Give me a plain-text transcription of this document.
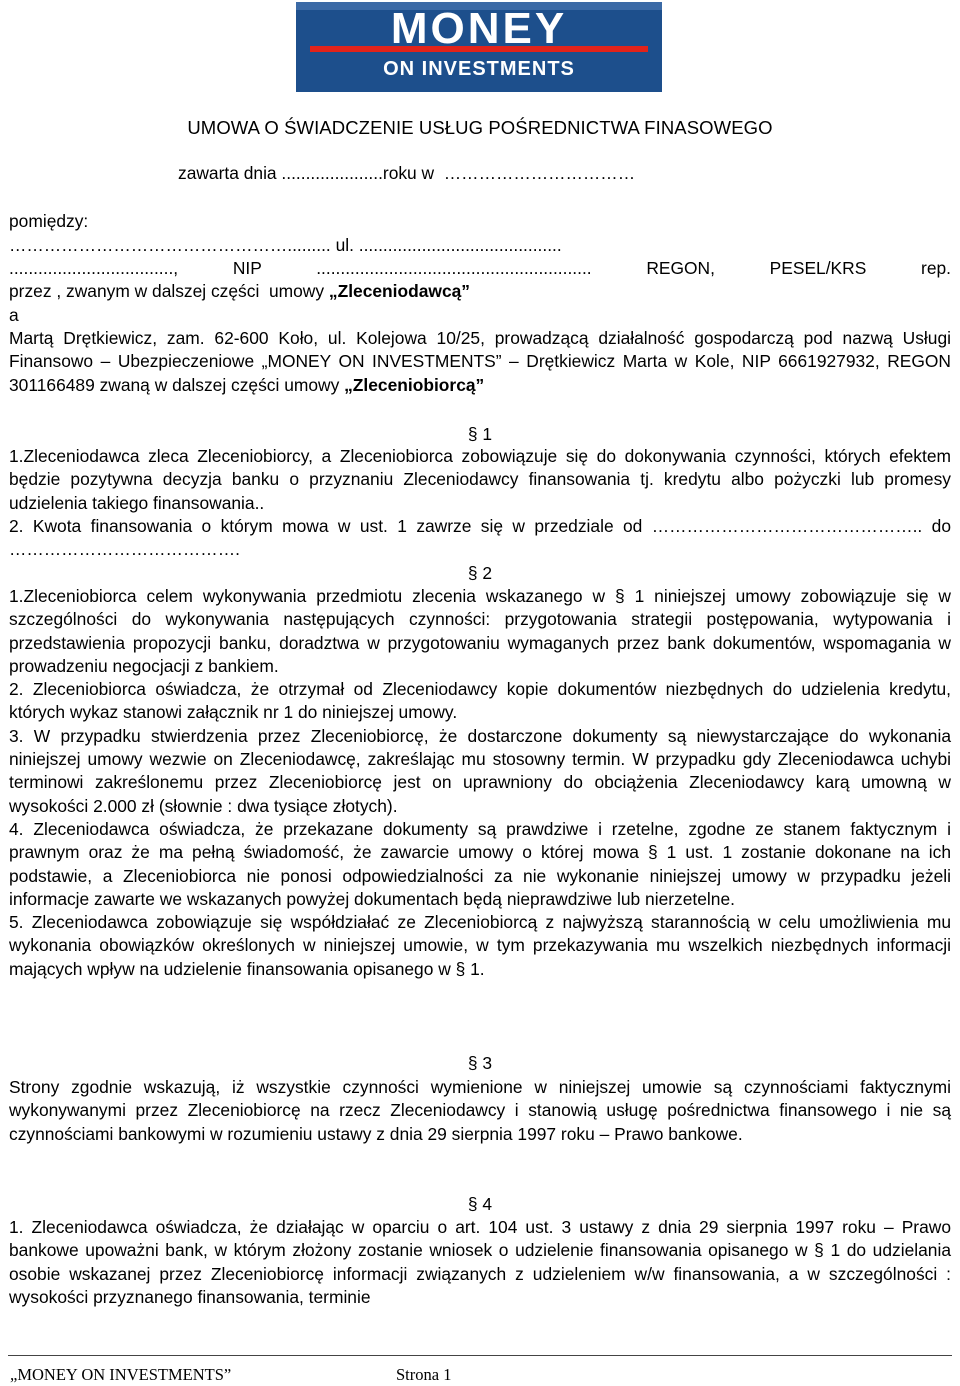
MONEY
ON INVESTMENTS
UMOWA O ŚWIADCZENIE USŁUG POŚREDNICTWA FINASOWEGO
zawarta dnia .....................roku w  ……………………………
pomiędzy:
…………………………………………......... ul. ..........................................

.................................., NIP ......................................................... REGON, PESEL/KRS rep.

przez , zwanym w dalszej części  umowy „Zleceniodawcą”
a

Martą Drętkiewicz, zam. 62-600 Koło, ul. Kolejowa 10/25, prowadzącą działalność gospodarczą pod nazwą Usługi Finansowo – Ubezpieczeniowe „MONEY ON INVESTMENTS” – Drętkiewicz Marta w Kole, NIP 6661927932, REGON 301166489 zwaną w dalszej części umowy „Zleceniobiorcą”

§ 1

1.Zleceniodawca zleca Zleceniobiorcy, a Zleceniobiorca zobowiązuje się do dokonywania czynności, których efektem będzie pozytywna decyzja banku o przyznaniu Zleceniodawcy finansowania tj. kredytu albo pożyczki lub promesy udzielenia takiego finansowania..

2. Kwota finansowania o którym mowa w ust. 1 zawrze się w przedziale od ……………………………………….. do ………………………………….

§ 2

1.Zleceniobiorca celem wykonywania przedmiotu zlecenia wskazanego w § 1 niniejszej umowy zobowiązuje się w szczególności do wykonywania następujących czynności: przygotowania strategii postępowania, wytypowania i przedstawienia propozycji banku, doradztwa w przygotowaniu wymaganych przez bank dokumentów, wspomagania w prowadzeniu negocjacji z bankiem.

2. Zleceniobiorca oświadcza, że otrzymał od Zleceniodawcy kopie dokumentów niezbędnych do udzielenia kredytu, których wykaz stanowi załącznik nr 1 do niniejszej umowy.

3. W przypadku stwierdzenia przez Zleceniobiorcę, że dostarczone dokumenty są niewystarczające do wykonania niniejszej umowy wezwie on Zleceniodawcę, zakreślając mu stosowny termin. W przypadku gdy Zleceniodawca uchybi terminowi zakreślonemu przez Zleceniobiorcę jest on uprawniony do obciążenia Zleceniodawcy karą umowną w wysokości 2.000 zł (słownie : dwa tysiące złotych).

4. Zleceniodawca oświadcza, że przekazane dokumenty są prawdziwe i rzetelne, zgodne ze stanem faktycznym i prawnym oraz że ma pełną świadomość, że zawarcie umowy o której mowa § 1 ust. 1 zostanie dokonane na ich podstawie, a Zleceniobiorca nie ponosi odpowiedzialności za nie wykonanie niniejszej umowy w przypadku jeżeli informacje zawarte we wskazanych powyżej dokumentach będą nieprawdziwe lub nierzetelne.

5. Zleceniodawca zobowiązuje się współdziałać ze Zleceniobiorcą z najwyższą starannością w celu umożliwienia mu wykonania obowiązków określonych w niniejszej umowie, w tym przekazywania mu wszelkich niezbędnych informacji mających wpływ na udzielenie finansowania opisanego w § 1.

§ 3

Strony zgodnie wskazują, iż wszystkie czynności wymienione w niniejszej umowie są czynnościami faktycznymi wykonywanymi przez Zleceniobiorcę na rzecz Zleceniodawcy i stanowią usługę pośrednictwa finansowego i nie są czynnościami bankowymi w rozumieniu ustawy z dnia 29 sierpnia 1997 roku – Prawo bankowe.

§ 4

1. Zleceniodawca oświadcza, że działając w oparciu o art. 104 ust. 3 ustawy z dnia 29 sierpnia 1997 roku – Prawo bankowe upoważni bank, w którym złożony zostanie wniosek o udzielenie finansowania opisanego w § 1 do udzielania osobie wskazanej przez Zleceniobiorcę informacji związanych z udzieleniem w/w finansowania, a w szczególności : wysokości przyznanego finansowania, terminie

„MONEY ON INVESTMENTS”	Strona 1
